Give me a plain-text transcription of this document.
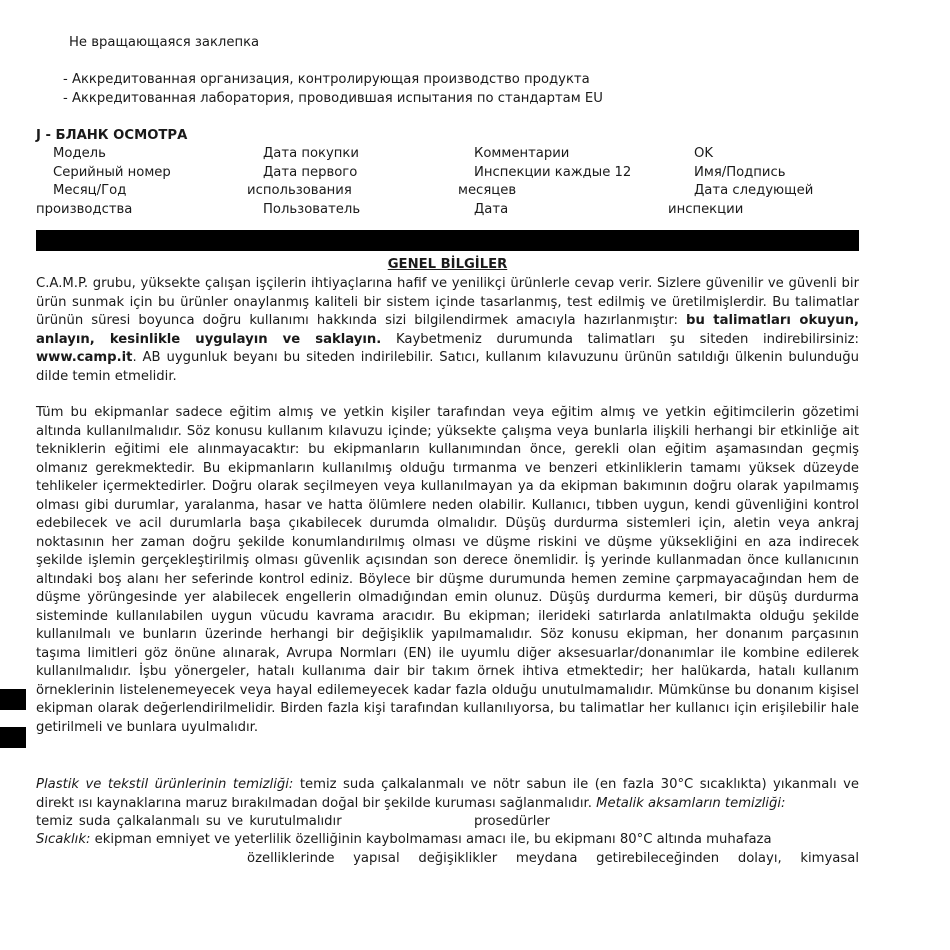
Не вращающаяся заклепка
- Аккредитованная организация, контролирующая производство продукта
- Аккредитованная лаборатория, проводившая испытания по стандартам EU
J - БЛАНК ОСМОТРА
Модель
Серийный номер
Месяц/Год
производства
Дата покупки
Дата первого
использования
Пользователь
Комментарии
Инспекции каждые 12
месяцев
Дата
OK
Имя/Подпись
Дата следующей
инспекции
GENEL BİLGİLER
C.A.M.P. grubu, yüksekte çalışan işçilerin ihtiyaçlarına hafif ve yenilikçi ürünlerle cevap verir. Sizlere güvenilir ve güvenli bir ürün sunmak için bu ürünler onaylanmış kaliteli bir sistem içinde tasarlanmış, test edilmiş ve üretilmişlerdir. Bu talimatlar ürünün süresi boyunca doğru kullanımı hakkında sizi bilgilendirmek amacıyla hazırlanmıştır: bu talimatları okuyun, anlayın, kesinlikle uygulayın ve saklayın. Kaybetmeniz durumunda talimatları şu siteden indirebilirsiniz: www.camp.it. AB uygunluk beyanı bu siteden indirilebilir. Satıcı, kullanım kılavuzunu ürünün satıldığı ülkenin bulunduğu dilde temin etmelidir.
Tüm bu ekipmanlar sadece eğitim almış ve yetkin kişiler tarafından veya eğitim almış ve yetkin eğitimcilerin gözetimi altında kullanılmalıdır. Söz konusu kullanım kılavuzu içinde; yüksekte çalışma veya bunlarla ilişkili herhangi bir etkinliğe ait tekniklerin eğitimi ele alınmayacaktır: bu ekipmanların kullanımından önce, gerekli olan eğitim aşamasından geçmiş olmanız gerekmektedir. Bu ekipmanların kullanılmış olduğu tırmanma ve benzeri etkinliklerin tamamı yüksek düzeyde tehlikeler içermektedirler. Doğru olarak seçilmeyen veya kullanılmayan ya da ekipman bakımının doğru olarak yapılmamış olması gibi durumlar, yaralanma, hasar ve hatta ölümlere neden olabilir. Kullanıcı, tıbben uygun, kendi güvenliğini kontrol edebilecek ve acil durumlarla başa çıkabilecek durumda olmalıdır. Düşüş durdurma sistemleri için, aletin veya ankraj noktasının her zaman doğru şekilde konumlandırılmış olması ve düşme riskini ve düşme yüksekliğini en aza indirecek şekilde işlemin gerçekleştirilmiş olması güvenlik açısından son derece önemlidir. İş yerinde kullanmadan önce kullanıcının altındaki boş alanı her seferinde kontrol ediniz. Böylece bir düşme durumunda hemen zemine çarpmayacağından hem de düşme yörüngesinde yer alabilecek engellerin olmadığından emin olunuz. Düşüş durdurma kemeri, bir düşüş durdurma sisteminde kullanılabilen uygun vücudu kavrama aracıdır. Bu ekipman; ilerideki satırlarda anlatılmakta olduğu şekilde kullanılmalı ve bunların üzerinde herhangi bir değişiklik yapılmamalıdır. Söz konusu ekipman, her donanım parçasının taşıma limitleri göz önüne alınarak, Avrupa Normları (EN) ile uyumlu diğer aksesuarlar/donanımlar ile kombine edilerek kullanılmalıdır. İşbu yönergeler, hatalı kullanıma dair bir takım örnek ihtiva etmektedir; her halükarda, hatalı kullanım örneklerinin listelenemeyecek veya hayal edilemeyecek kadar fazla olduğu unutulmamalıdır. Mümkünse bu donanım kişisel ekipman olarak değerlendirilmelidir. Birden fazla kişi tarafından kullanılıyorsa, bu talimatlar her kullanıcı için erişilebilir hale getirilmeli ve bunlara uyulmalıdır.
Plastik ve tekstil ürünlerinin temizliği: temiz suda çalkalanmalı ve nötr sabun ile (en fazla 30°C sıcaklıkta) yıkanmalı ve direkt ısı kaynaklarına maruz bırakılmadan doğal bir şekilde kuruması sağlanmalıdır. Metalik aksamların temizliği:
temiz suda çalkalanmalı su ve kurutulmalıdır	prosedürler
Sıcaklık: ekipman emniyet ve yeterlilik özelliğinin kaybolmaması amacı ile, bu ekipmanı 80°C altında muhafaza
özelliklerinde yapısal değişiklikler meydana getirebileceğinden dolayı, kimyasal
